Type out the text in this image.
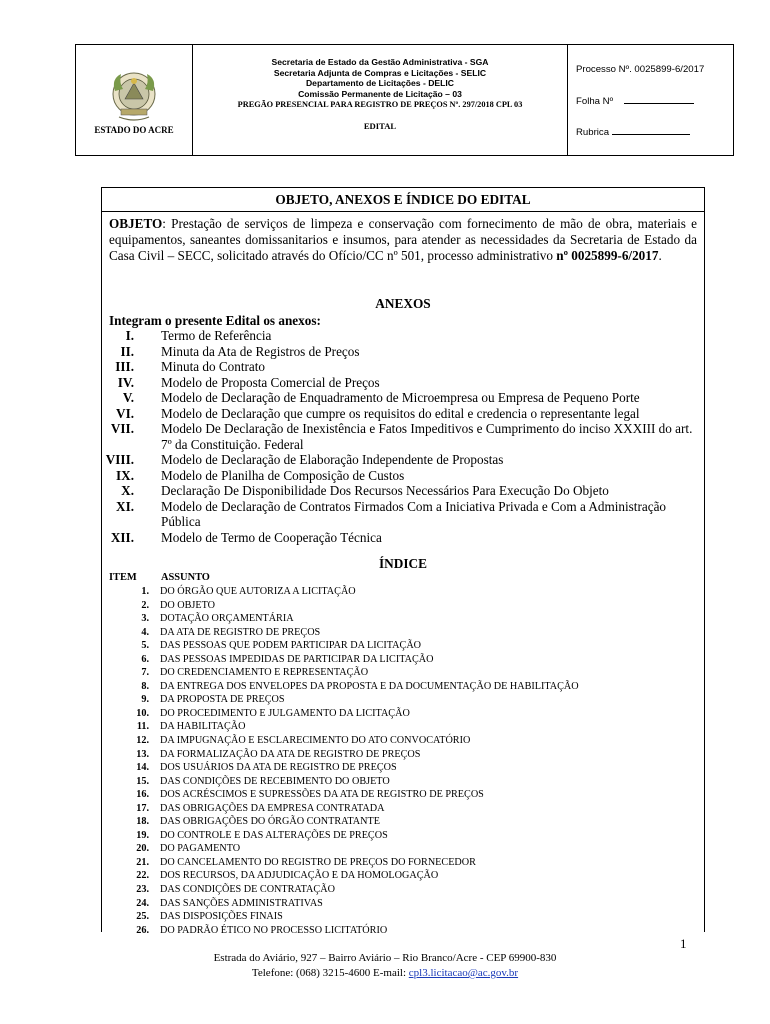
ESTADO DO ACRE
Secretaria de Estado da Gestão Administrativa - SGA
Secretaria Adjunta de Compras e Licitações - SELIC
Departamento de Licitações - DELIC
Comissão Permanente de Licitação – 03
PREGÃO PRESENCIAL PARA REGISTRO DE PREÇOS Nº. 297/2018 CPL 03
EDITAL
Processo Nº. 0025899-6/2017
Folha Nº
Rubrica
OBJETO, ANEXOS E ÍNDICE DO EDITAL
OBJETO: Prestação de serviços de limpeza e conservação com fornecimento de mão de obra, materiais e equipamentos, saneantes domissanitarios e insumos, para atender as necessidades da Secretaria de Estado da Casa Civil – SECC, solicitado através do Ofício/CC nº 501, processo administrativo nº 0025899-6/2017.
ANEXOS
Integram o presente Edital os anexos:
I. Termo de Referência
II. Minuta da Ata de Registros de Preços
III. Minuta do Contrato
IV. Modelo de Proposta Comercial de Preços
V. Modelo de Declaração de Enquadramento de Microempresa ou Empresa de Pequeno Porte
VI. Modelo de Declaração que cumpre os requisitos do edital e credencia o representante legal
VII. Modelo De Declaração de Inexistência e Fatos Impeditivos e Cumprimento do inciso XXXIII do art. 7º da Constituição. Federal
VIII. Modelo de Declaração de Elaboração Independente de Propostas
IX. Modelo de Planilha de Composição de Custos
X. Declaração De Disponibilidade Dos Recursos Necessários Para Execução Do Objeto
XI. Modelo de Declaração de Contratos Firmados Com a Iniciativa Privada e Com a Administração Pública
XII. Modelo de Termo de Cooperação Técnica
ÍNDICE
ITEM ASSUNTO
1. DO ÓRGÃO QUE AUTORIZA A LICITAÇÃO
2. DO OBJETO
3. DOTAÇÃO ORÇAMENTÁRIA
4. DA ATA DE REGISTRO DE PREÇOS
5. DAS PESSOAS QUE PODEM PARTICIPAR DA LICITAÇÃO
6. DAS PESSOAS IMPEDIDAS DE PARTICIPAR DA LICITAÇÃO
7. DO CREDENCIAMENTO E REPRESENTAÇÃO
8. DA ENTREGA DOS ENVELOPES DA PROPOSTA E DA DOCUMENTAÇÃO DE HABILITAÇÃO
9. DA PROPOSTA DE PREÇOS
10. DO PROCEDIMENTO E JULGAMENTO DA LICITAÇÃO
11. DA HABILITAÇÃO
12. DA IMPUGNAÇÃO E ESCLARECIMENTO DO ATO CONVOCATÓRIO
13. DA FORMALIZAÇÃO DA ATA DE REGISTRO DE PREÇOS
14. DOS USUÁRIOS DA ATA DE REGISTRO DE PREÇOS
15. DAS CONDIÇÕES DE RECEBIMENTO DO OBJETO
16. DOS ACRÉSCIMOS E SUPRESSÕES DA ATA DE REGISTRO DE PREÇOS
17. DAS OBRIGAÇÕES DA EMPRESA CONTRATADA
18. DAS OBRIGAÇÕES DO ÓRGÃO CONTRATANTE
19. DO CONTROLE E DAS ALTERAÇÕES DE PREÇOS
20. DO PAGAMENTO
21. DO CANCELAMENTO DO REGISTRO DE PREÇOS DO FORNECEDOR
22. DOS RECURSOS, DA ADJUDICAÇÃO E DA HOMOLOGAÇÃO
23. DAS CONDIÇÕES DE CONTRATAÇÃO
24. DAS SANÇÕES ADMINISTRATIVAS
25. DAS DISPOSIÇÕES FINAIS
26. DO PADRÃO ÉTICO NO PROCESSO LICITATÓRIO
1
Estrada do Aviário, 927 – Bairro Aviário – Rio Branco/Acre - CEP 69900-830
Telefone: (068) 3215-4600 E-mail: cpl3.licitacao@ac.gov.br
